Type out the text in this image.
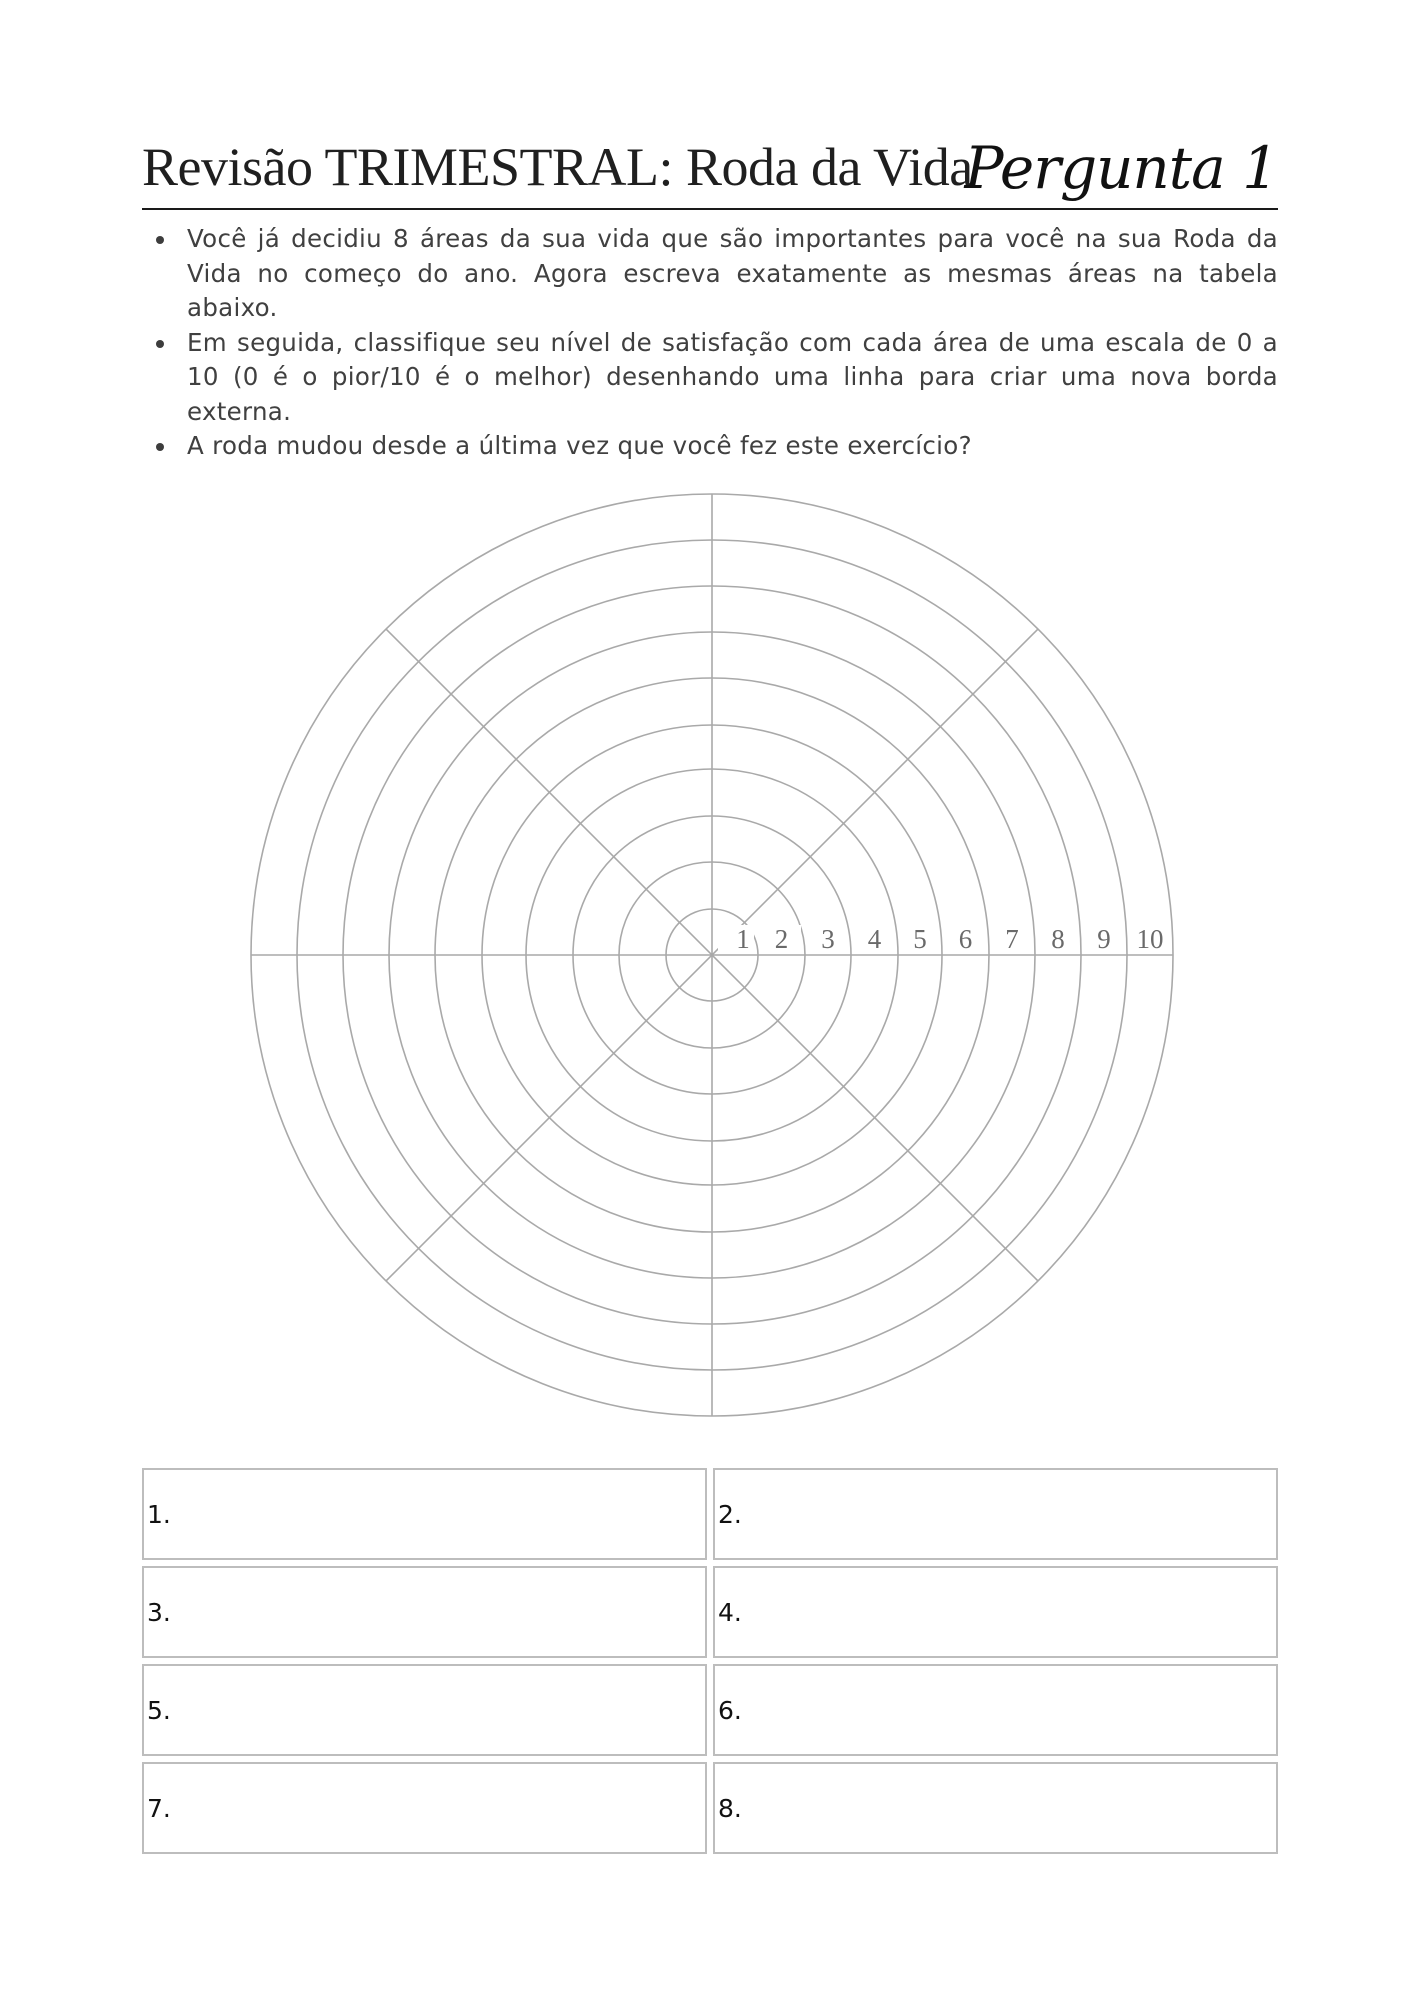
Revisão TRIMESTRAL: Roda da Vida
Pergunta 1
Você já decidiu 8 áreas da sua vida que são importantes para você na sua Roda da Vida no começo do ano. Agora escreva exatamente as mesmas áreas na tabela abaixo.
Em seguida, classifique seu nível de satisfação com cada área de uma escala de 0 a 10 (0 é o pior/10 é o melhor) desenhando uma linha para criar uma nova borda externa.
A roda mudou desde a última vez que você fez este exercício?
1 2 3 4 5 6 7 8 9 10
1.	2.
3.	4.
5.	6.
7.	8.
